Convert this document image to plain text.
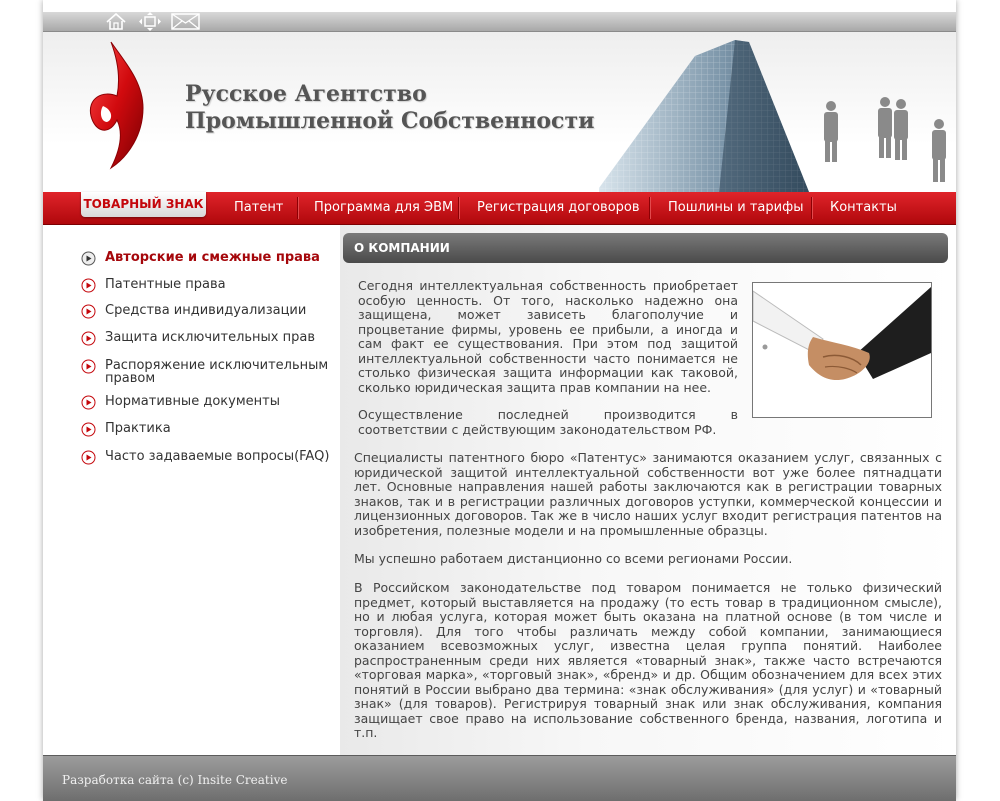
Русское Агентство
Промышленной Собственности
ТОВАРНЫЙ ЗНАК Патент Программа для ЭВМ Регистрация договоров Пошлины и тарифы Контакты
Авторские и смежные права
Патентные права
Средства индивидуализации
Защита исключительных прав
Распоряжение исключительным правом
Нормативные документы
Практика
Часто задаваемые вопросы(FAQ)
О КОМПАНИИ
Сегодня интеллектуальная собственность приобретает особую ценность. От того, насколько надежно она защищена, может зависеть благополучие и процветание фирмы, уровень ее прибыли, а иногда и сам факт ее существования. При этом под защитой интеллектуальной собственности часто понимается не столько физическая защита информации как таковой, сколько юридическая защита прав компании на нее.
Осуществление последней производится в соответствии с действующим законодательством РФ.
Специалисты патентного бюро «Патентус» занимаются оказанием услуг, связанных с юридической защитой интеллектуальной собственности вот уже более пятнадцати лет. Основные направления нашей работы заключаются как в регистрации товарных знаков, так и в регистрации различных договоров уступки, коммерческой концессии и лицензионных договоров. Так же в число наших услуг входит регистрация патентов на изобретения, полезные модели и на промышленные образцы.
Мы успешно работаем дистанционно со всеми регионами России.
В Российском законодательстве под товаром понимается не только физический предмет, который выставляется на продажу (то есть товар в традиционном смысле), но и любая услуга, которая может быть оказана на платной основе (в том числе и торговля). Для того чтобы различать между собой компании, занимающиеся оказанием всевозможных услуг, известна целая группа понятий. Наиболее распространенным среди них является «товарный знак», также часто встречаются «торговая марка», «торговый знак», «бренд» и др. Общим обозначением для всех этих понятий в России выбрано два термина: «знак обслуживания» (для услуг) и «товарный знак» (для товаров). Регистрируя товарный знак или знак обслуживания, компания защищает свое право на использование собственного бренда, названия, логотипа и т.п.
Разработка сайта (с) Insite Creative
